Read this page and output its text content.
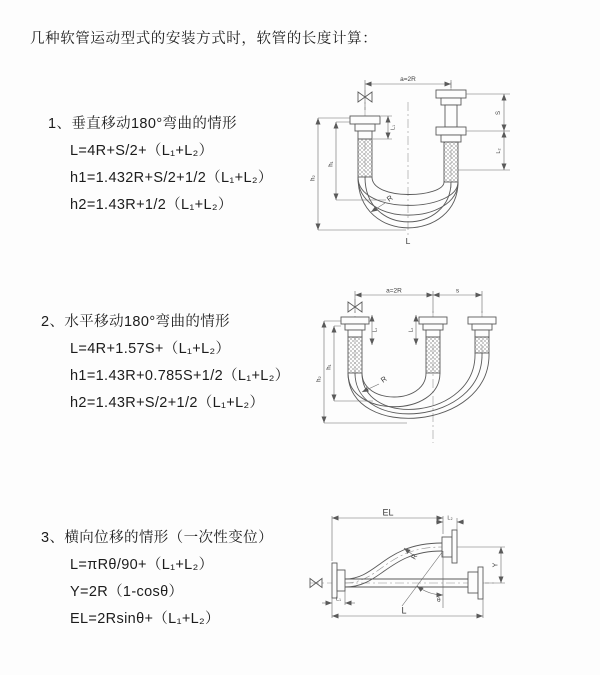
几种软管运动型式的安装方式时，软管的长度计算：
1、垂直移动180°弯曲的情形
L=4R+S/2+（L₁+L₂）
h1=1.432R+S/2+1/2（L₁+L₂）
h2=1.43R+1/2（L₁+L₂）
a=2R
h₂
h₁
L₁
S
L₂
R
L
2、水平移动180°弯曲的情形
L=4R+1.57S+（L₁+L₂）
h1=1.43R+0.785S+1/2（L₁+L₂）
h2=1.43R+S/2+1/2（L₁+L₂）
a=2R	s
h₂
h₁
L₁	L₂
R
3、横向位移的情形（一次性变位）
L=πRθ/90+（L₁+L₂）
Y=2R（1-cosθ）
EL=2Rsinθ+（L₁+L₂）
θ
R
EL
L₂
Y
L
L₁
